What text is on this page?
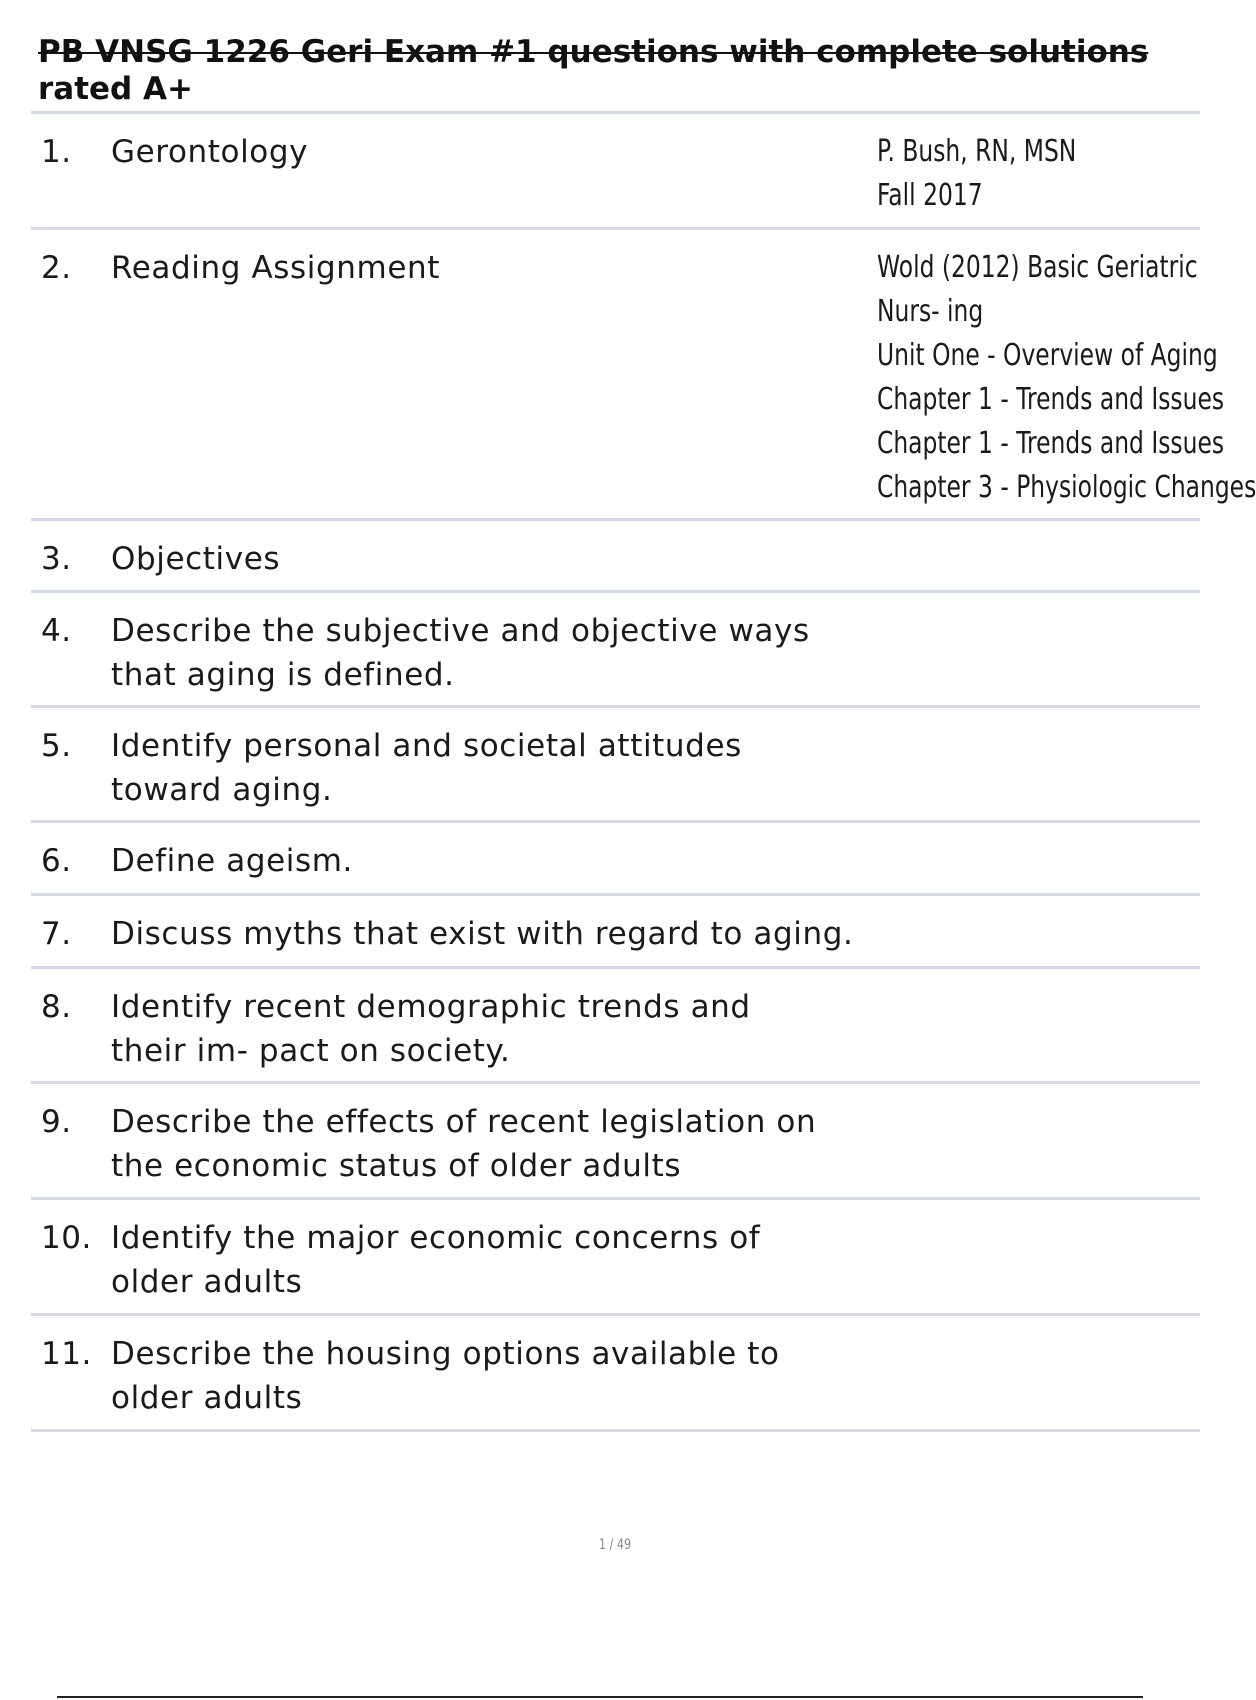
PB VNSG 1226 Geri Exam #1 questions with complete solutions
rated A+
1. Gerontology	P. Bush, RN, MSN
Fall 2017
2. Reading Assignment	Wold (2012) Basic Geriatric
Nurs- ing
Unit One - Overview of Aging
Chapter 1 - Trends and Issues
Chapter 1 - Trends and Issues
Chapter 3 - Physiologic Changes
3. Objectives
4. Describe the subjective and objective ways that aging is defined.
5. Identify personal and societal attitudes toward aging.
6. Define ageism.
7. Discuss myths that exist with regard to aging.
8. Identify recent demographic trends and their im- pact on society.
9. Describe the effects of recent legislation on the economic status of older adults
10. Identify the major economic concerns of older adults
11. Describe the housing options available to older adults
1 / 49
